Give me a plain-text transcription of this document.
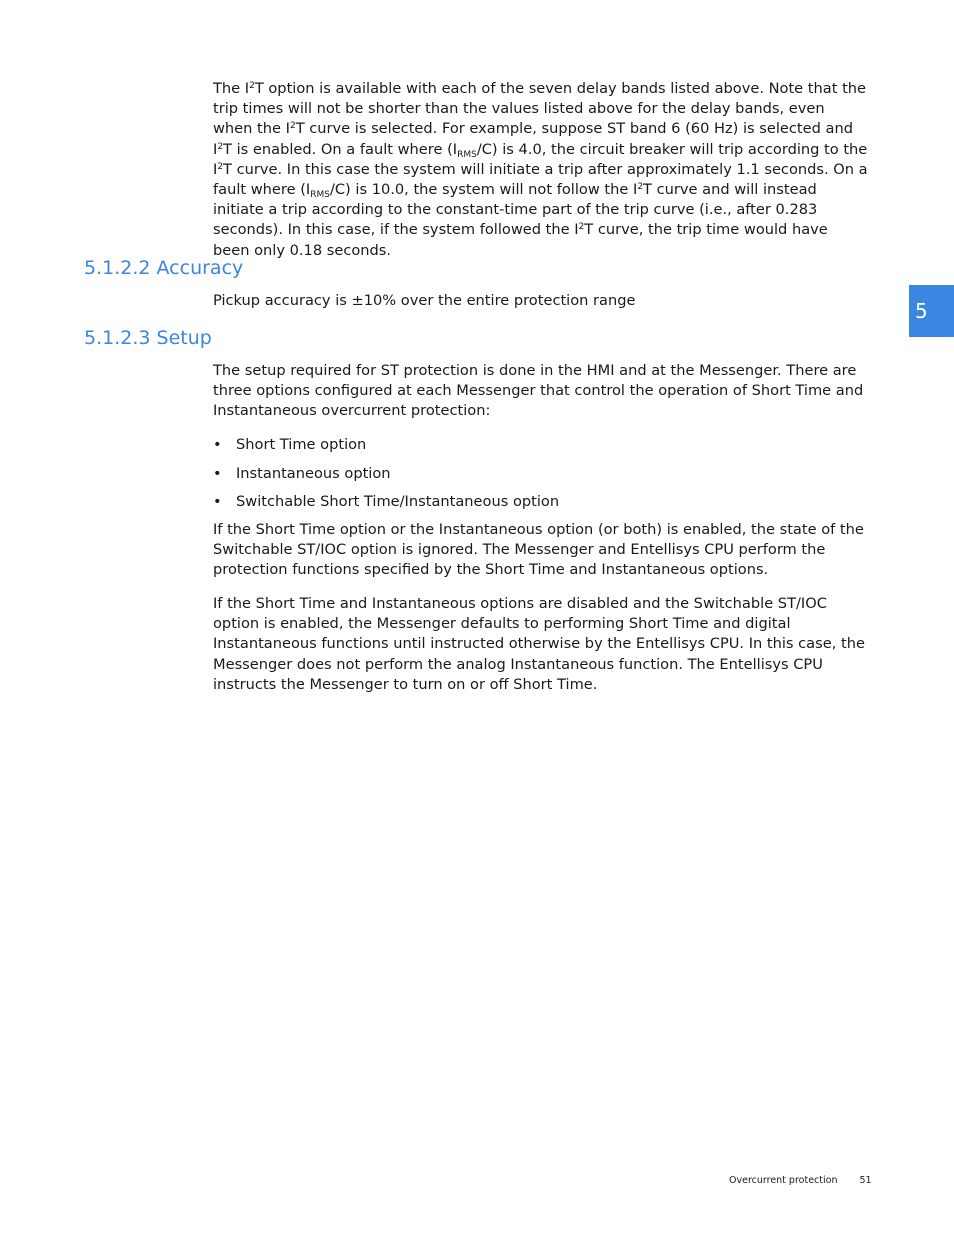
The $I^2T$ option is available with each of the seven delay bands listed above. Note that the trip times will not be shorter than the values listed above for the delay bands, even when the $I^2T$ curve is selected. For example, suppose ST band 6 (60 Hz) is selected and $I^2T$ is enabled. On a fault where $(I_{RMS}/C)$ is 4.0, the circuit breaker will trip according to the $I^2T$ curve. In this case the system will initiate a trip after approximately 1.1 seconds. On a fault where $(I_{RMS}/C)$ is 10.0, the system will not follow the $I^2T$ curve and will instead initiate a trip according to the constant-time part of the trip curve (i.e., after 0.283 seconds). In this case, if the system followed the $I^2T$ curve, the trip time would have been only 0.18 seconds.

5.1.2.2 Accuracy

Pickup accuracy is ±10% over the entire protection range

5.1.2.3 Setup

The setup required for ST protection is done in the HMI and at the Messenger. There are three options configured at each Messenger that control the operation of Short Time and Instantaneous overcurrent protection:

• Short Time option
• Instantaneous option
• Switchable Short Time/Instantaneous option

If the Short Time option or the Instantaneous option (or both) is enabled, the state of the Switchable ST/IOC option is ignored. The Messenger and Entellisys CPU perform the protection functions specified by the Short Time and Instantaneous options.

If the Short Time and Instantaneous options are disabled and the Switchable ST/IOC option is enabled, the Messenger defaults to performing Short Time and digital Instantaneous functions until instructed otherwise by the Entellisys CPU. In this case, the Messenger does not perform the analog Instantaneous function. The Entellisys CPU instructs the Messenger to turn on or off Short Time.

5
Overcurrent protection 51
